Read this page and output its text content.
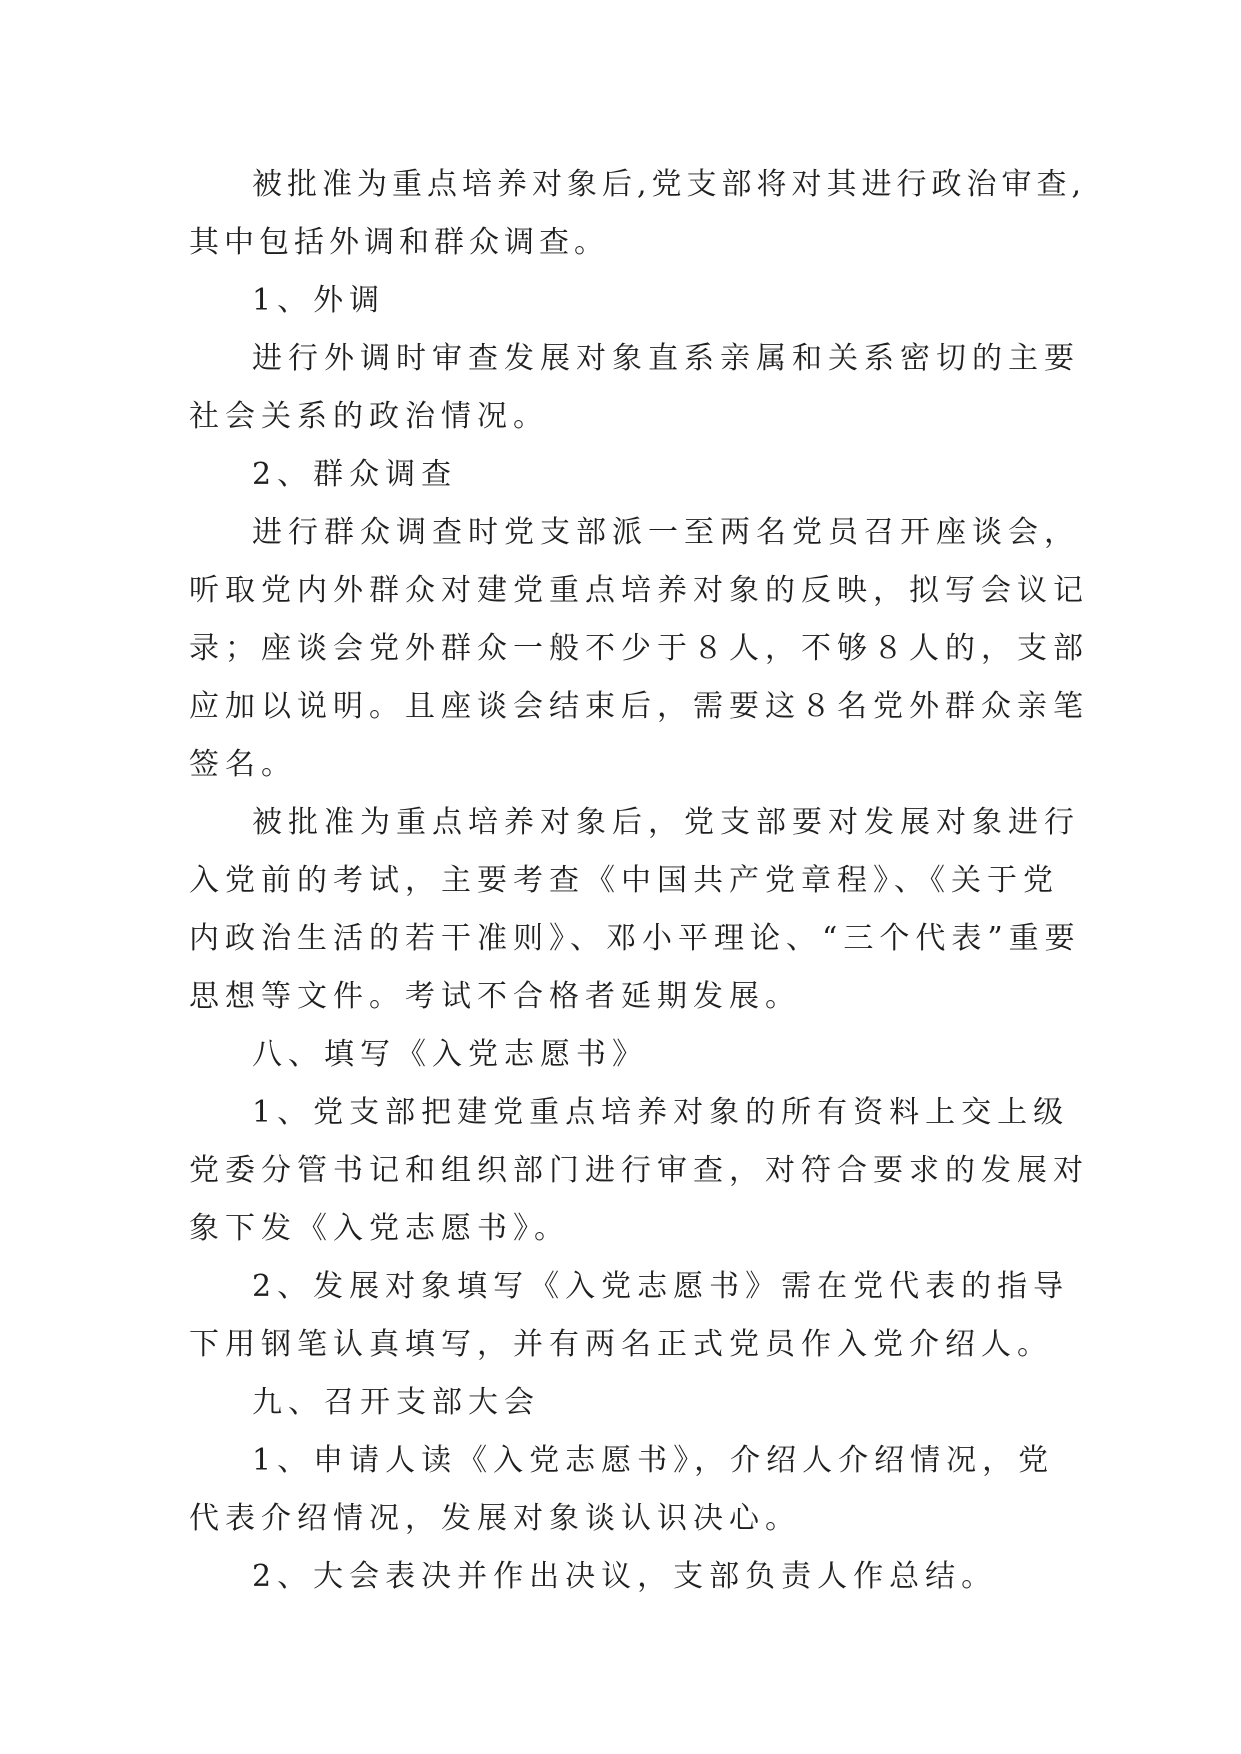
被批准为重点培养对象后,党支部将对其进行政治审查,其中包括外调和群众调查。

1、外调

进行外调时审查发展对象直系亲属和关系密切的主要社会关系的政治情况。

2、群众调查

进行群众调查时党支部派一至两名党员召开座谈会，听取党内外群众对建党重点培养对象的反映，拟写会议记录；座谈会党外群众一般不少于８人，不够８人的，支部应加以说明。且座谈会结束后，需要这８名党外群众亲笔签名。

被批准为重点培养对象后，党支部要对发展对象进行入党前的考试，主要考查《中国共产党章程》、《关于党内政治生活的若干准则》、邓小平理论、“三个代表”重要思想等文件。考试不合格者延期发展。

八、填写《入党志愿书》

1、党支部把建党重点培养对象的所有资料上交上级党委分管书记和组织部门进行审查，对符合要求的发展对象下发《入党志愿书》。

2、发展对象填写《入党志愿书》需在党代表的指导下用钢笔认真填写，并有两名正式党员作入党介绍人。

九、召开支部大会

1、申请人读《入党志愿书》，介绍人介绍情况，党代表介绍情况，发展对象谈认识决心。

2、大会表决并作出决议，支部负责人作总结。
